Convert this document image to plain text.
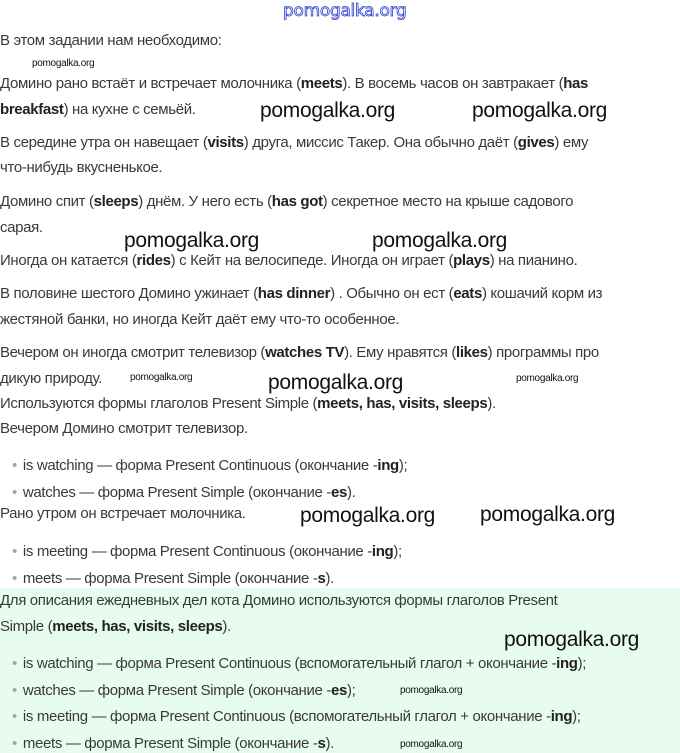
В этом задании нам необходимо:
Домино рано встаёт и встречает молочника (meets). В восемь часов он завтракает (has
breakfast) на кухне с семьёй.
В середине утра он навещает (visits) друга, миссис Такер. Она обычно даёт (gives) ему
что-нибудь вкусненькое.
Домино спит (sleeps) днём. У него есть (has got) секретное место на крыше садового
сарая.
Иногда он катается (rides) с Кейт на велосипеде. Иногда он играет (plays) на пианино.
В половине шестого Домино ужинает (has dinner) . Обычно он ест (eats) кошачий корм из
жестяной банки, но иногда Кейт даёт ему что-то особенное.
Вечером он иногда смотрит телевизор (watches TV). Ему нравятся (likes) программы про
дикую природу.
Используются формы глаголов Present Simple (meets, has, visits, sleeps).
Вечером Домино смотрит телевизор.
• is watching — форма Present Continuous (окончание -ing);
• watches — форма Present Simple (окончание -es).
Рано утром он встречает молочника.
• is meeting — форма Present Continuous (окончание -ing);
• meets — форма Present Simple (окончание -s).
Для описания ежедневных дел кота Домино используются формы глаголов Present
Simple (meets, has, visits, sleeps).
• is watching — форма Present Continuous (вспомогательный глагол + окончание -ing);
• watches — форма Present Simple (окончание -es);
• is meeting — форма Present Continuous (вспомогательный глагол + окончание -ing);
• meets — форма Present Simple (окончание -s).
pomogalka.org
pomogalka.org
pomogalka.org	pomogalka.org
pomogalka.org	pomogalka.org
pomogalka.org	pomogalka.org	pomogalka.org
pomogalka.org
pomogalka.org
pomogalka.org
pomogalka.org
pomogalka.org
